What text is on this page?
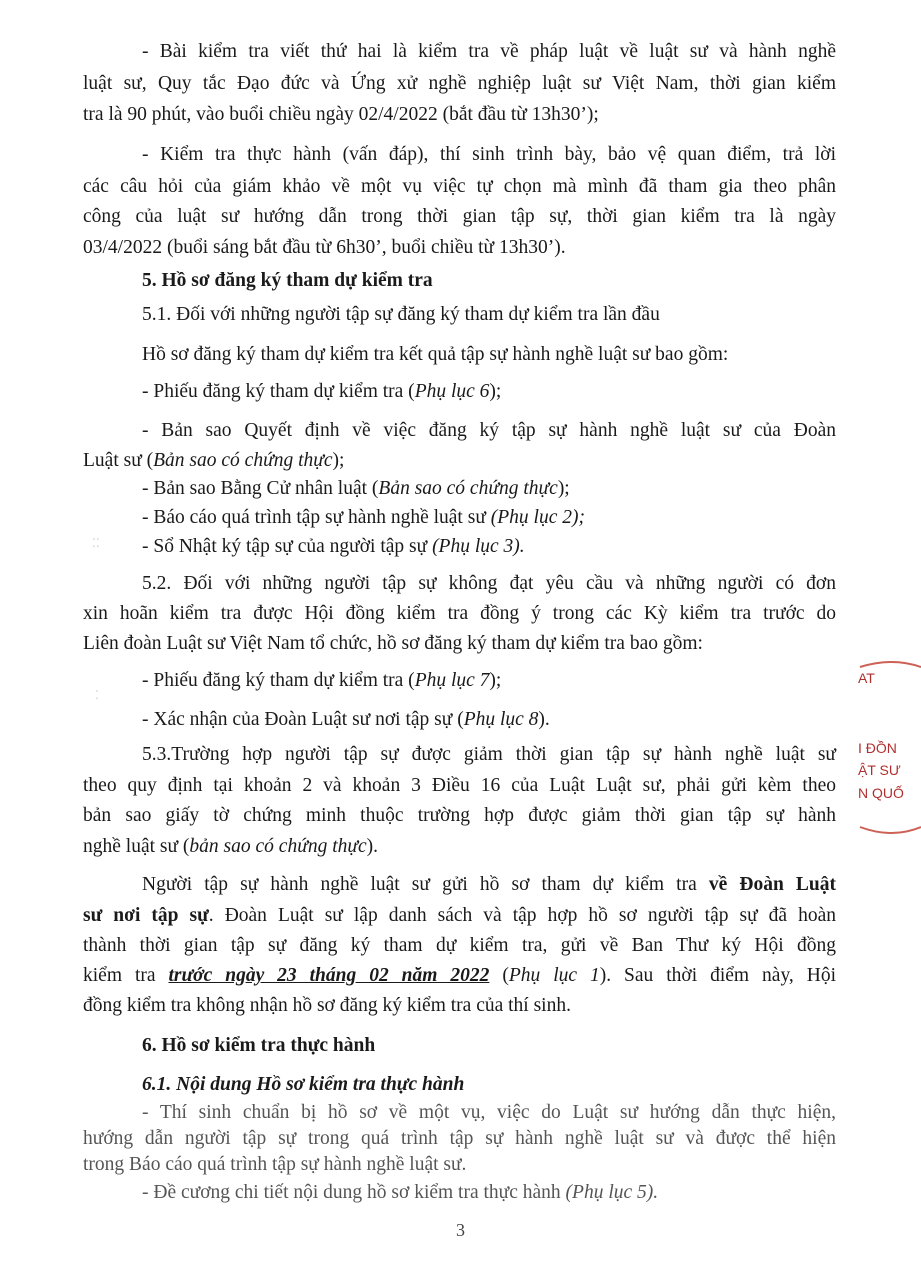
- Bài kiểm tra viết thứ hai là kiểm tra về pháp luật về luật sư và hành nghề
luật sư, Quy tắc Đạo đức và Ứng xử nghề nghiệp luật sư Việt Nam, thời gian kiểm
tra là 90 phút, vào buổi chiều ngày 02/4/2022 (bắt đầu từ 13h30’);
- Kiểm tra thực hành (vấn đáp), thí sinh trình bày, bảo vệ quan điểm, trả lời
các câu hỏi của giám khảo về một vụ việc tự chọn mà mình đã tham gia theo phân
công của luật sư hướng dẫn trong thời gian tập sự, thời gian kiểm tra là ngày
03/4/2022 (buổi sáng bắt đầu từ 6h30’, buổi chiều từ 13h30’).
5. Hồ sơ đăng ký tham dự kiểm tra
5.1. Đối với những người tập sự đăng ký tham dự kiểm tra lần đầu
Hồ sơ đăng ký tham dự kiểm tra kết quả tập sự hành nghề luật sư bao gồm:
- Phiếu đăng ký tham dự kiểm tra (Phụ lục 6);
- Bản sao Quyết định về việc đăng ký tập sự hành nghề luật sư của Đoàn
Luật sư (Bản sao có chứng thực);
- Bản sao Bằng Cử nhân luật (Bản sao có chứng thực);
- Báo cáo quá trình tập sự hành nghề luật sư (Phụ lục 2);
- Sổ Nhật ký tập sự của người tập sự (Phụ lục 3).
5.2. Đối với những người tập sự không đạt yêu cầu và những người có đơn
xin hoãn kiểm tra được Hội đồng kiểm tra đồng ý trong các Kỳ kiểm tra trước do
Liên đoàn Luật sư Việt Nam tổ chức, hồ sơ đăng ký tham dự kiểm tra bao gồm:
- Phiếu đăng ký tham dự kiểm tra (Phụ lục 7);
- Xác nhận của Đoàn Luật sư nơi tập sự (Phụ lục 8).
5.3.Trường hợp người tập sự được giảm thời gian tập sự hành nghề luật sư
theo quy định tại khoản 2 và khoản 3 Điều 16 của Luật Luật sư, phải gửi kèm theo
bản sao giấy tờ chứng minh thuộc trường hợp được giảm thời gian tập sự hành
nghề luật sư (bản sao có chứng thực).
Người tập sự hành nghề luật sư gửi hồ sơ tham dự kiểm tra về Đoàn Luật
sư nơi tập sự. Đoàn Luật sư lập danh sách và tập hợp hồ sơ người tập sự đã hoàn
thành thời gian tập sự đăng ký tham dự kiểm tra, gửi về Ban Thư ký Hội đồng
kiểm tra trước ngày 23 tháng 02 năm 2022 (Phụ lục 1). Sau thời điểm này, Hội
đồng kiểm tra không nhận hồ sơ đăng ký kiểm tra của thí sinh.
6. Hồ sơ kiểm tra thực hành
6.1. Nội dung Hồ sơ kiểm tra thực hành
- Thí sinh chuẩn bị hồ sơ về một vụ, việc do Luật sư hướng dẫn thực hiện,
hướng dẫn người tập sự trong quá trình tập sự hành nghề luật sư và được thể hiện
trong Báo cáo quá trình tập sự hành nghề luật sư.
- Đề cương chi tiết nội dung hồ sơ kiểm tra thực hành (Phụ lục 5).
3
AT
I ĐỒN
ẬT SƯ
N QUỐ
⁚⁚
⁚
